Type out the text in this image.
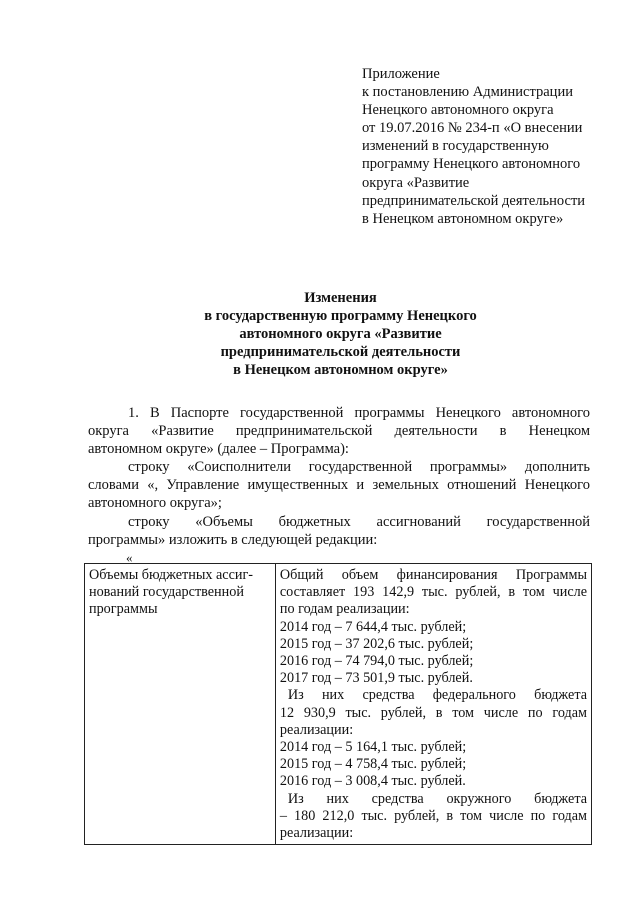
Приложение
к постановлению Администрации
Ненецкого автономного округа
от 19.07.2016 № 234-п «О внесении
изменений в государственную
программу Ненецкого автономного
округа «Развитие
предпринимательской деятельности
в Ненецком автономном округе»
Изменения
в государственную программу Ненецкого
автономного округа «Развитие
предпринимательской деятельности
в Ненецком автономном округе»
1. В Паспорте государственной программы Ненецкого автономного
округа «Развитие предпринимательской деятельности в Ненецком
автономном округе» (далее – Программа):
строку «Соисполнители государственной программы» дополнить
словами «, Управление имущественных и земельных отношений Ненецкого
автономного округа»;
строку «Объемы бюджетных ассигнований государственной
программы» изложить в следующей редакции:
«
Объемы бюджетных ассиг-
нований государственной
программы

Общий объем финансирования Программы
составляет 193 142,9 тыс. рублей, в том числе
по годам реализации:
2014 год – 7 644,4 тыс. рублей;
2015 год – 37 202,6 тыс. рублей;
2016 год – 74 794,0 тыс. рублей;
2017 год – 73 501,9 тыс. рублей.
Из них средства федерального бюджета
12 930,9 тыс. рублей, в том числе по годам
реализации:
2014 год – 5 164,1 тыс. рублей;
2015 год – 4 758,4 тыс. рублей;
2016 год – 3 008,4 тыс. рублей.
Из них средства окружного бюджета
– 180 212,0 тыс. рублей, в том числе по годам
реализации:
